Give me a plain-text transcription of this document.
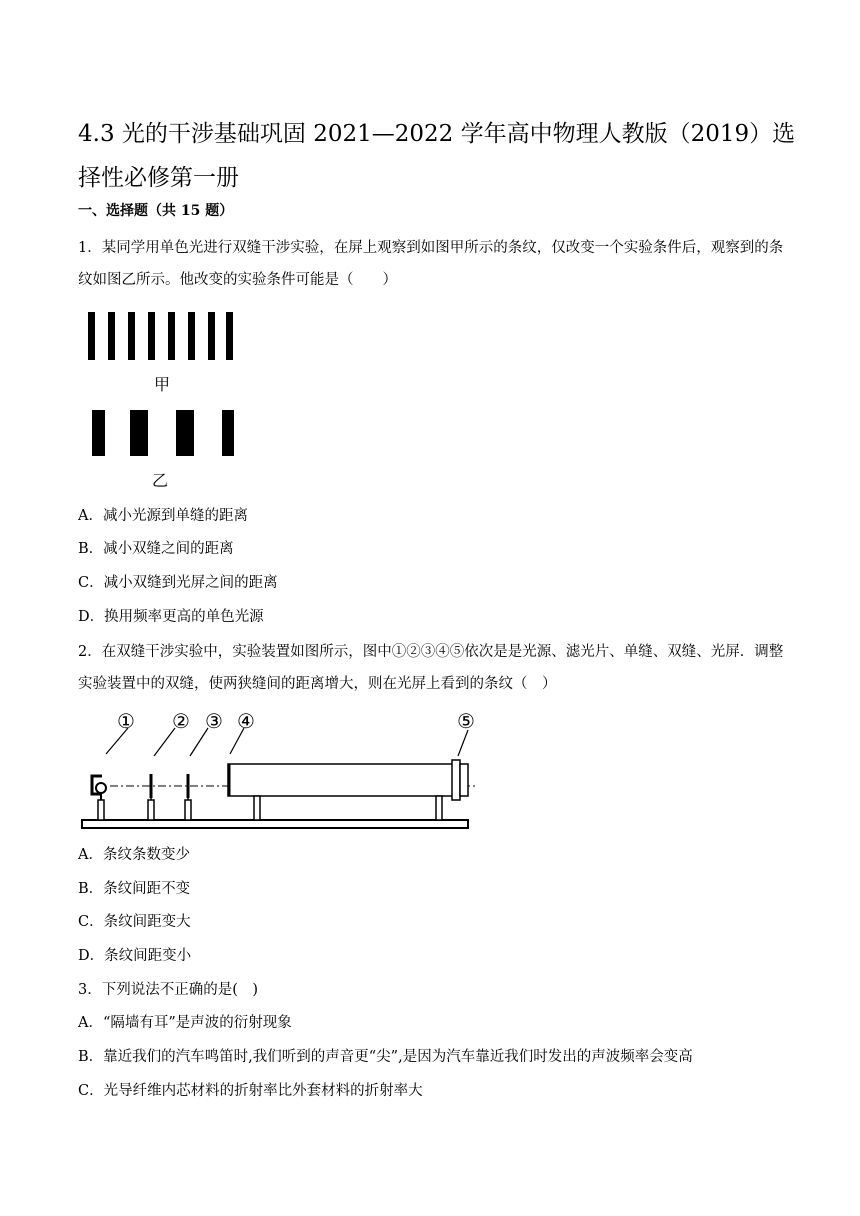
4.3 光的干涉基础巩固 2021—2022 学年高中物理人教版（2019）选择性必修第一册
一、选择题（共 15 题）
1．某同学用单色光进行双缝干涉实验，在屏上观察到如图甲所示的条纹，仅改变一个实验条件后，观察到的条纹如图乙所示。他改变的实验条件可能是（　　）
甲
乙
A．减小光源到单缝的距离
B．减小双缝之间的距离
C．减小双缝到光屏之间的距离
D．换用频率更高的单色光源
2．在双缝干涉实验中，实验装置如图所示，图中①②③④⑤依次是是光源、滤光片、单缝、双缝、光屏．调整实验装置中的双缝，使两狭缝间的距离增大，则在光屏上看到的条纹（　）
① ② ③ ④	⑤
A．条纹条数变少
B．条纹间距不变
C．条纹间距变大
D．条纹间距变小
3．下列说法不正确的是(　)
A．“隔墙有耳”是声波的衍射现象
B．靠近我们的汽车鸣笛时,我们听到的声音更“尖”,是因为汽车靠近我们时发出的声波频率会变高
C．光导纤维内芯材料的折射率比外套材料的折射率大
